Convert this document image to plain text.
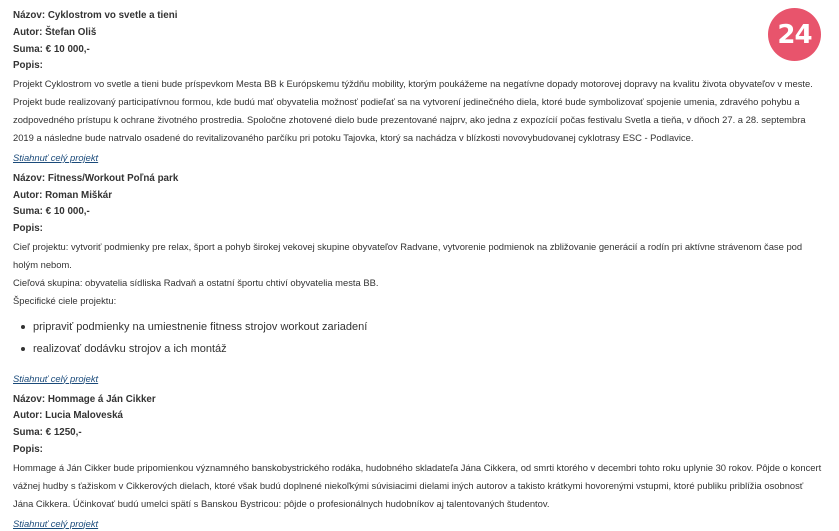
24
Názov: Cyklostrom vo svetle a tieni
Autor: Štefan Oliš
Suma: € 10 000,-
Popis:

Projekt Cyklostrom vo svetle a tieni bude príspevkom Mesta BB k Európskemu týždňu mobility, ktorým poukážeme na negatívne dopady motorovej dopravy na kvalitu života obyvateľov v meste. Projekt bude realizovaný participatívnou formou, kde budú mať obyvatelia možnosť podieľať sa na vytvorení jedinečného diela, ktoré bude symbolizovať spojenie umenia, zdravého pohybu a zodpovedného prístupu k ochrane životného prostredia. Spoločne zhotovené dielo bude prezentované najprv, ako jedna z expozícií počas festivalu Svetla a tieňa, v dňoch 27. a 28. septembra 2019 a následne bude natrvalo osadené do revitalizovaného parčíku pri potoku Tajovka, ktorý sa nachádza v blízkosti novovybudovanej cyklotrasy ESC - Podlavice.

Stiahnuť celý projekt
Názov: Fitness/Workout Poľná park
Autor: Roman Miškár
Suma: € 10 000,-
Popis:

Cieľ projektu: vytvoriť podmienky pre relax, šport a pohyb širokej vekovej skupine obyvateľov Radvane, vytvorenie podmienok na zbližovanie generácií a rodín pri aktívne strávenom čase pod holým nebom.

Cieľová skupina: obyvatelia sídliska Radvaň a ostatní športu chtiví obyvatelia mesta BB.

Špecifické ciele projektu:

pripraviť podmienky na umiestnenie fitness strojov workout zariadení
realizovať dodávku strojov a ich montáž
Stiahnuť celý projekt
Názov: Hommage á Ján Cikker
Autor: Lucia Maloveská
Suma: € 1250,-
Popis:

Hommage á Ján Cikker bude pripomienkou významného banskobystrického rodáka, hudobného skladateľa Jána Cikkera, od smrti ktorého v decembri tohto roku uplynie 30 rokov. Pôjde o koncert vážnej hudby s ťažiskom v Cikkerových dielach, ktoré však budú doplnené niekoľkými súvisiacimi dielami iných autorov a takisto krátkymi hovorenými vstupmi, ktoré publiku priblížia osobnosť Jána Cikkera. Účinkovať budú umelci spätí s Banskou Bystricou: pôjde o profesionálnych hudobníkov aj talentovaných študentov.

Stiahnuť celý projekt
